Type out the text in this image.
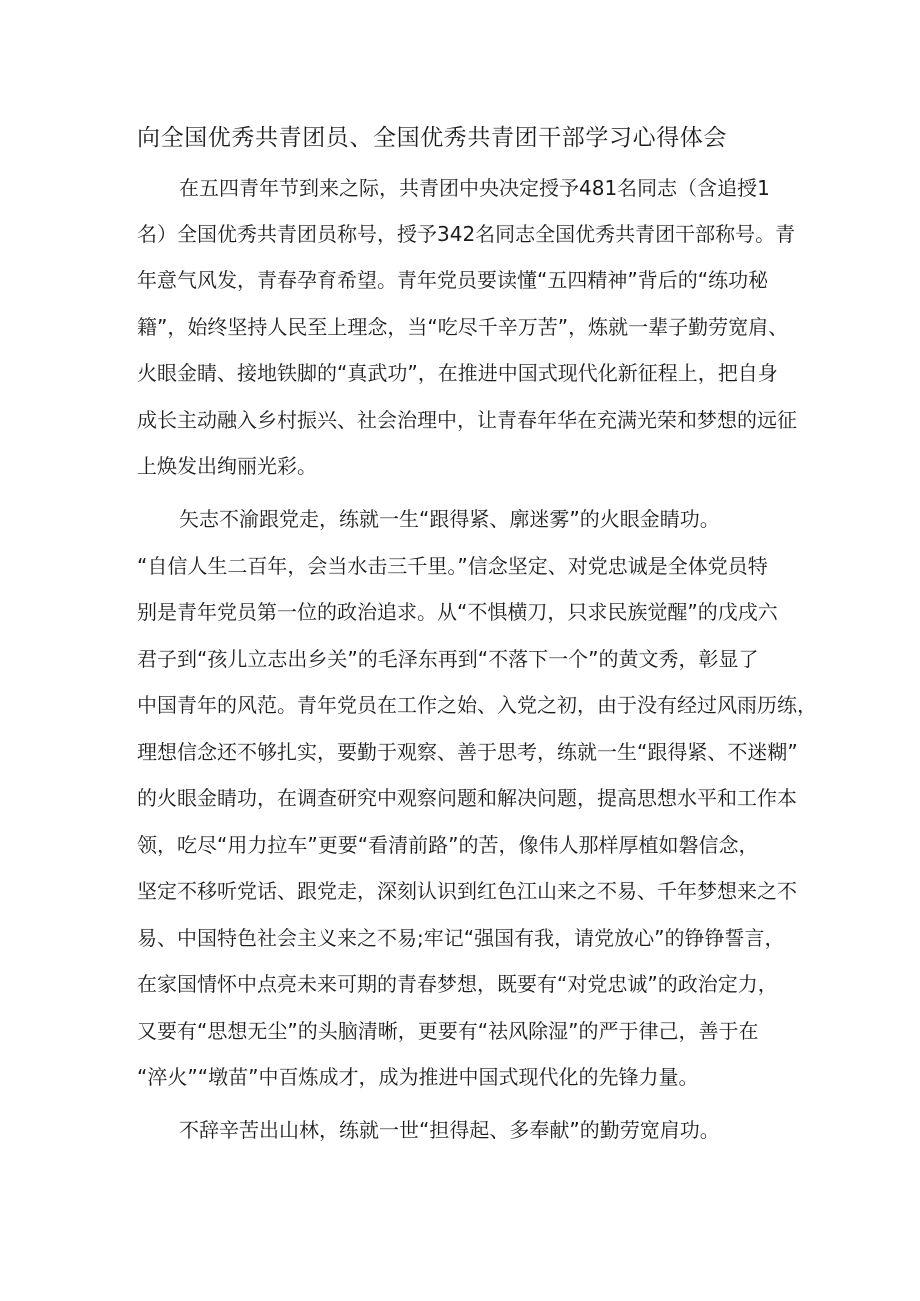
向全国优秀共青团员、全国优秀共青团干部学习心得体会

在五四青年节到来之际，共青团中央决定授予481名同志（含追授1

名）全国优秀共青团员称号，授予342名同志全国优秀共青团干部称号。青

年意气风发，青春孕育希望。青年党员要读懂“五四精神”背后的“练功秘

籍”，始终坚持人民至上理念，当“吃尽千辛万苦”，炼就一辈子勤劳宽肩、

火眼金睛、接地铁脚的“真武功”，在推进中国式现代化新征程上，把自身

成长主动融入乡村振兴、社会治理中，让青春年华在充满光荣和梦想的远征

上焕发出绚丽光彩。

矢志不渝跟党走，练就一生“跟得紧、廓迷雾”的火眼金睛功。

“自信人生二百年，会当水击三千里。”信念坚定、对党忠诚是全体党员特

别是青年党员第一位的政治追求。从“不惧横刀，只求民族觉醒”的戊戌六

君子到“孩儿立志出乡关”的毛泽东再到“不落下一个”的黄文秀，彰显了

中国青年的风范。青年党员在工作之始、入党之初，由于没有经过风雨历练，

理想信念还不够扎实，要勤于观察、善于思考，练就一生“跟得紧、不迷糊”

的火眼金睛功，在调查研究中观察问题和解决问题，提高思想水平和工作本

领，吃尽“用力拉车”更要“看清前路”的苦，像伟人那样厚植如磐信念，

坚定不移听党话、跟党走，深刻认识到红色江山来之不易、千年梦想来之不

易、中国特色社会主义来之不易;牢记“强国有我，请党放心”的铮铮誓言，

在家国情怀中点亮未来可期的青春梦想，既要有“对党忠诚”的政治定力，

又要有“思想无尘”的头脑清晰，更要有“祛风除湿”的严于律己，善于在

“淬火”“墩苗”中百炼成才，成为推进中国式现代化的先锋力量。

不辞辛苦出山林，练就一世“担得起、多奉献”的勤劳宽肩功。
